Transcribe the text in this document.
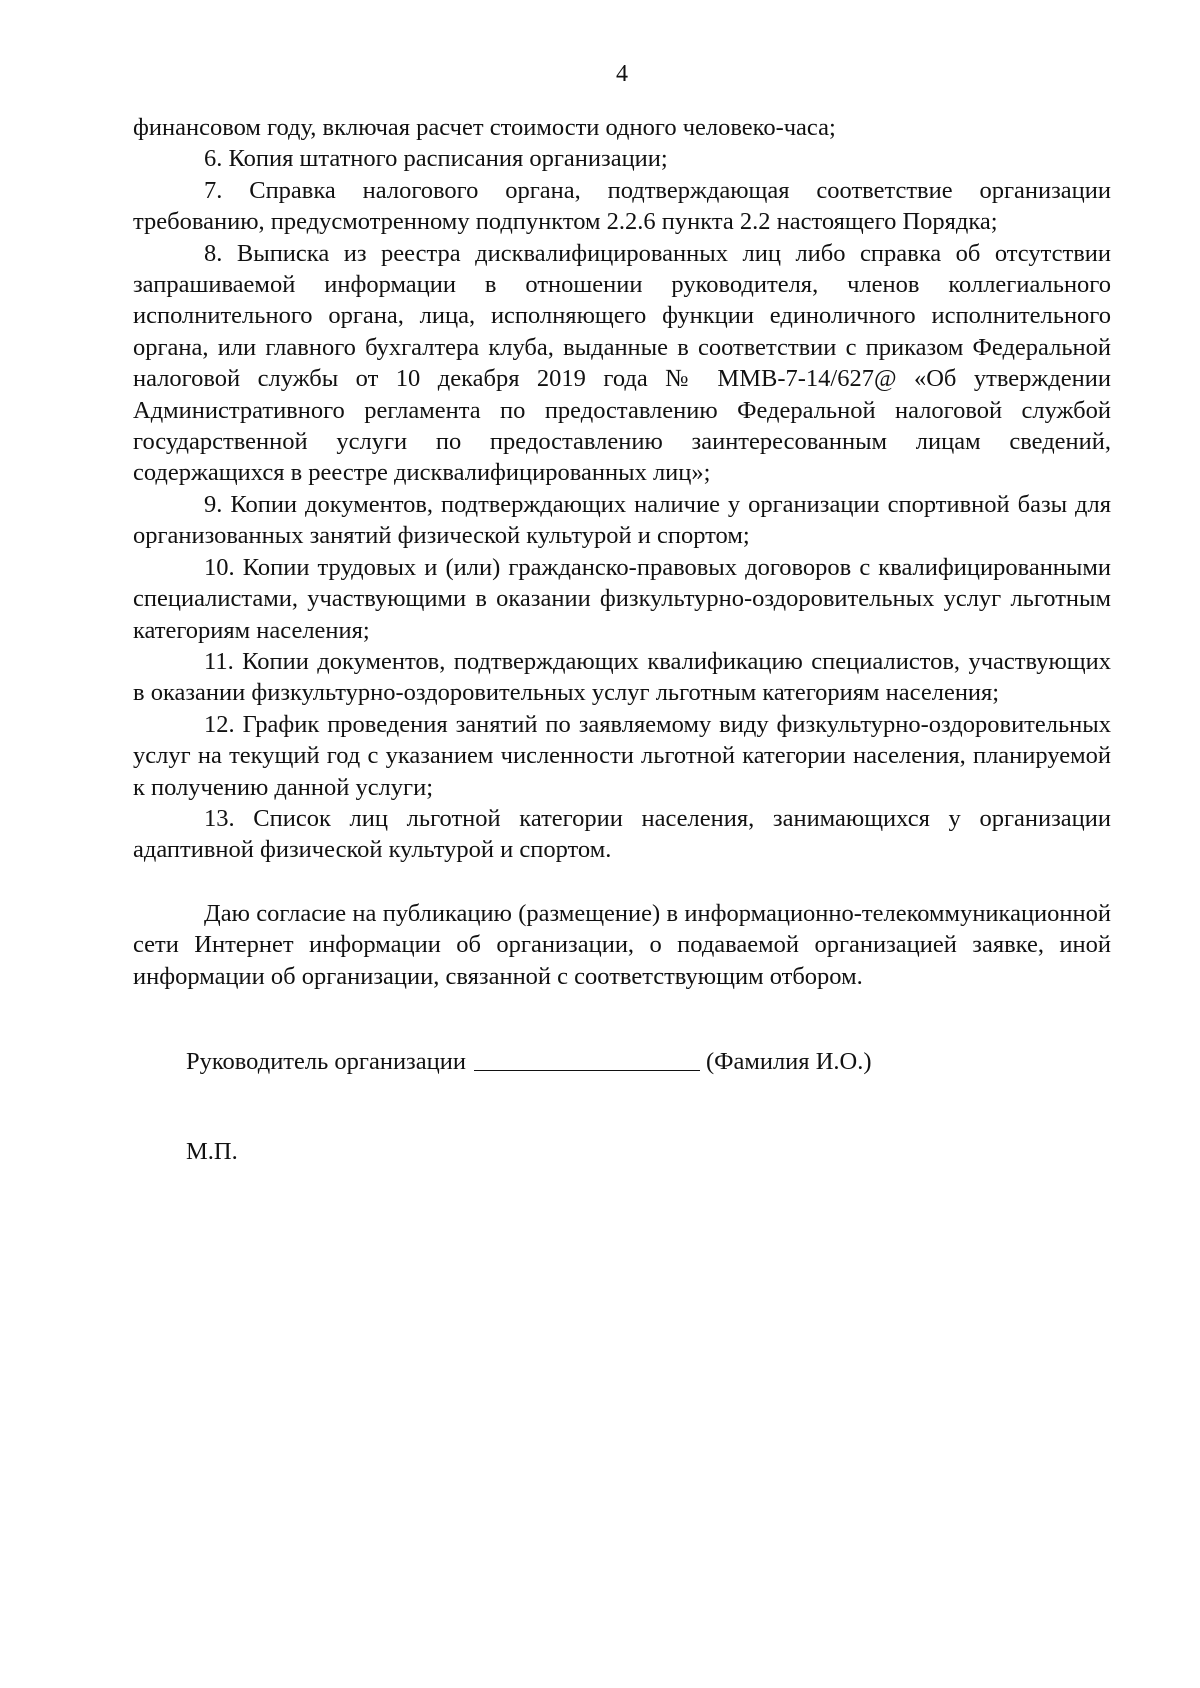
4

финансовом году, включая расчет стоимости одного человеко-часа;

6. Копия штатного расписания организации;

7. Справка налогового органа, подтверждающая соответствие организации требованию, предусмотренному подпунктом 2.2.6 пункта 2.2 настоящего Порядка;

8. Выписка из реестра дисквалифицированных лиц либо справка об отсутствии запрашиваемой информации в отношении руководителя, членов коллегиального исполнительного органа, лица, исполняющего функции единоличного исполнительного органа, или главного бухгалтера клуба, выданные в соответствии с приказом Федеральной налоговой службы от 10 декабря 2019 года № ММВ-7-14/627@ «Об утверждении Административного регламента по предоставлению Федеральной налоговой службой государственной услуги по предоставлению заинтересованным лицам сведений, содержащихся в реестре дисквалифицированных лиц»;

9. Копии документов, подтверждающих наличие у организации спортивной базы для организованных занятий физической культурой и спортом;

10. Копии трудовых и (или) гражданско-правовых договоров с квалифицированными специалистами, участвующими в оказании физкультурно-оздоровительных услуг льготным категориям населения;

11. Копии документов, подтверждающих квалификацию специалистов, участвующих в оказании физкультурно-оздоровительных услуг льготным категориям населения;

12. График проведения занятий по заявляемому виду физкультурно-оздоровительных услуг на текущий год с указанием численности льготной категории населения, планируемой к получению данной услуги;

13. Список лиц льготной категории населения, занимающихся у организации адаптивной физической культурой и спортом.

Даю согласие на публикацию (размещение) в информационно-телекоммуникационной сети Интернет информации об организации, о подаваемой организацией заявке, иной информации об организации, связанной с соответствующим отбором.

Руководитель организации	(Фамилия И.О.)
М.П.
